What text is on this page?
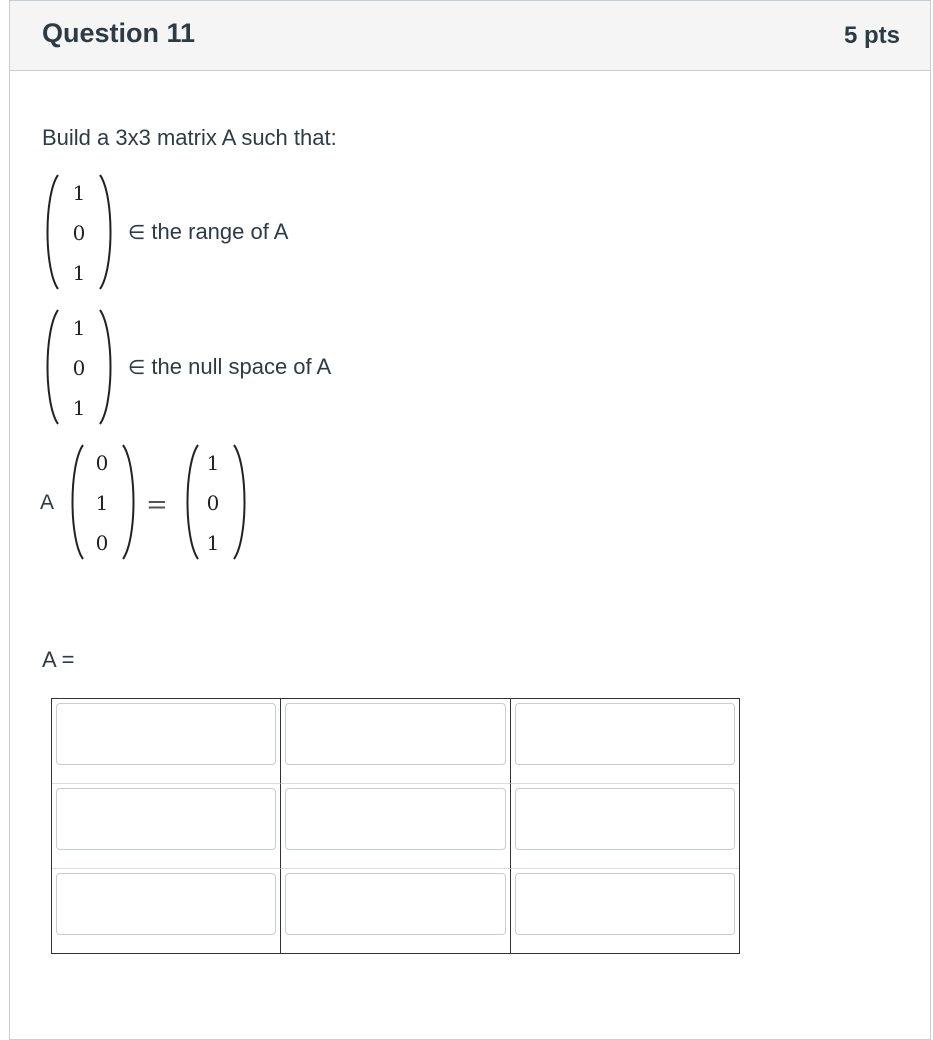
Question 11	5 pts
Build a 3x3 matrix A such that:
1
0
1
∈ the range of A
1
0
1
∈ the null space of A
A
0
1
0
=
1
0
1
A =
